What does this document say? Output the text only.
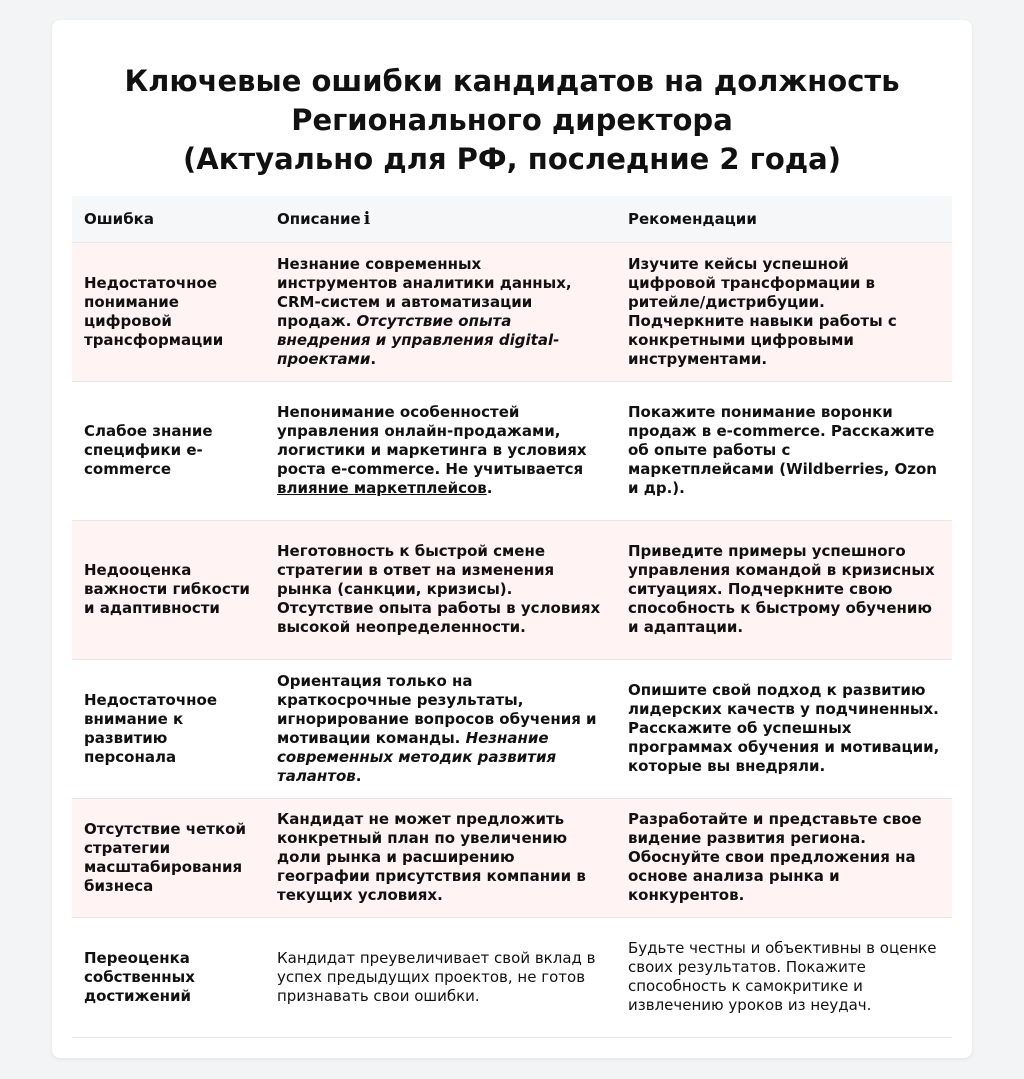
Ключевые ошибки кандидатов на должность
Регионального директора
(Актуально для РФ, последние 2 года)
Ошибка	Описание i	Рекомендации
Недостаточное понимание цифровой трансформации	Незнание современных инструментов аналитики данных, CRM-систем и автоматизации продаж. Отсутствие опыта внедрения и управления digital-проектами.	Изучите кейсы успешной цифровой трансформации в ритейле/дистрибуции. Подчеркните навыки работы с конкретными цифровыми инструментами.
Слабое знание специфики e-commerce	Непонимание особенностей управления онлайн-продажами, логистики и маркетинга в условиях роста e-commerce. Не учитывается влияние маркетплейсов.	Покажите понимание воронки продаж в e-commerce. Расскажите об опыте работы с маркетплейсами (Wildberries, Ozon и др.).
Недооценка важности гибкости и адаптивности	Неготовность к быстрой смене стратегии в ответ на изменения рынка (санкции, кризисы). Отсутствие опыта работы в условиях высокой неопределенности.	Приведите примеры успешного управления командой в кризисных ситуациях. Подчеркните свою способность к быстрому обучению и адаптации.
Недостаточное внимание к развитию персонала	Ориентация только на краткосрочные результаты, игнорирование вопросов обучения и мотивации команды. Незнание современных методик развития талантов.	Опишите свой подход к развитию лидерских качеств у подчиненных. Расскажите об успешных программах обучения и мотивации, которые вы внедряли.
Отсутствие четкой стратегии масштабирования бизнеса	Кандидат не может предложить конкретный план по увеличению доли рынка и расширению географии присутствия компании в текущих условиях.	Разработайте и представьте свое видение развития региона. Обоснуйте свои предложения на основе анализа рынка и конкурентов.
Переоценка собственных достижений	Кандидат преувеличивает свой вклад в успех предыдущих проектов, не готов признавать свои ошибки.	Будьте честны и объективны в оценке своих результатов. Покажите способность к самокритике и извлечению уроков из неудач.
